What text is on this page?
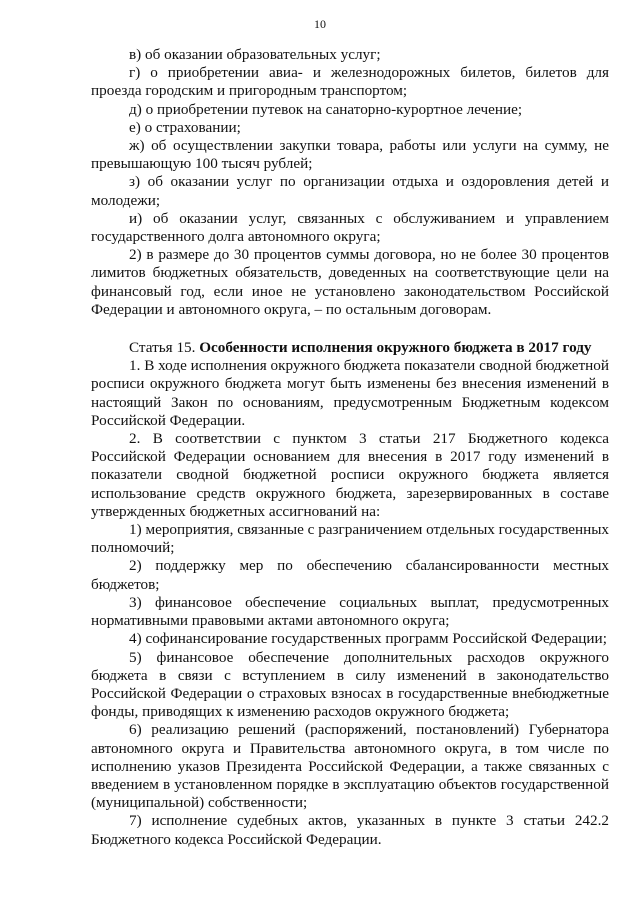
10

в) об оказании образовательных услуг;

г) о приобретении авиа- и железнодорожных билетов, билетов для проезда городским и пригородным транспортом;

д) о приобретении путевок на санаторно-курортное лечение;

е) о страховании;

ж) об осуществлении закупки товара, работы или услуги на сумму, не превышающую 100 тысяч рублей;

з) об оказании услуг по организации отдыха и оздоровления детей и молодежи;

и) об оказании услуг, связанных с обслуживанием и управлением государственного долга автономного округа;

2) в размере до 30 процентов суммы договора, но не более 30 процентов лимитов бюджетных обязательств, доведенных на соответствующие цели на финансовый год, если иное не установлено законодательством Российской Федерации и автономного округа, – по остальным договорам.

Статья 15. Особенности исполнения окружного бюджета в 2017 году

1. В ходе исполнения окружного бюджета показатели сводной бюджетной росписи окружного бюджета могут быть изменены без внесения изменений в настоящий Закон по основаниям, предусмотренным Бюджетным кодексом Российской Федерации.

2. В соответствии с пунктом 3 статьи 217 Бюджетного кодекса Российской Федерации основанием для внесения в 2017 году изменений в показатели сводной бюджетной росписи окружного бюджета является использование средств окружного бюджета, зарезервированных в составе утвержденных бюджетных ассигнований на:

1) мероприятия, связанные с разграничением отдельных государственных полномочий;

2) поддержку мер по обеспечению сбалансированности местных бюджетов;

3) финансовое обеспечение социальных выплат, предусмотренных нормативными правовыми актами автономного округа;

4) софинансирование государственных программ Российской Федерации;

5) финансовое обеспечение дополнительных расходов окружного бюджета в связи с вступлением в силу изменений в законодательство Российской Федерации о страховых взносах в государственные внебюджетные фонды, приводящих к изменению расходов окружного бюджета;

6) реализацию решений (распоряжений, постановлений) Губернатора автономного округа и Правительства автономного округа, в том числе по исполнению указов Президента Российской Федерации, а также связанных с введением в установленном порядке в эксплуатацию объектов государственной (муниципальной) собственности;

7) исполнение судебных актов, указанных в пункте 3 статьи 242.2 Бюджетного кодекса Российской Федерации.
